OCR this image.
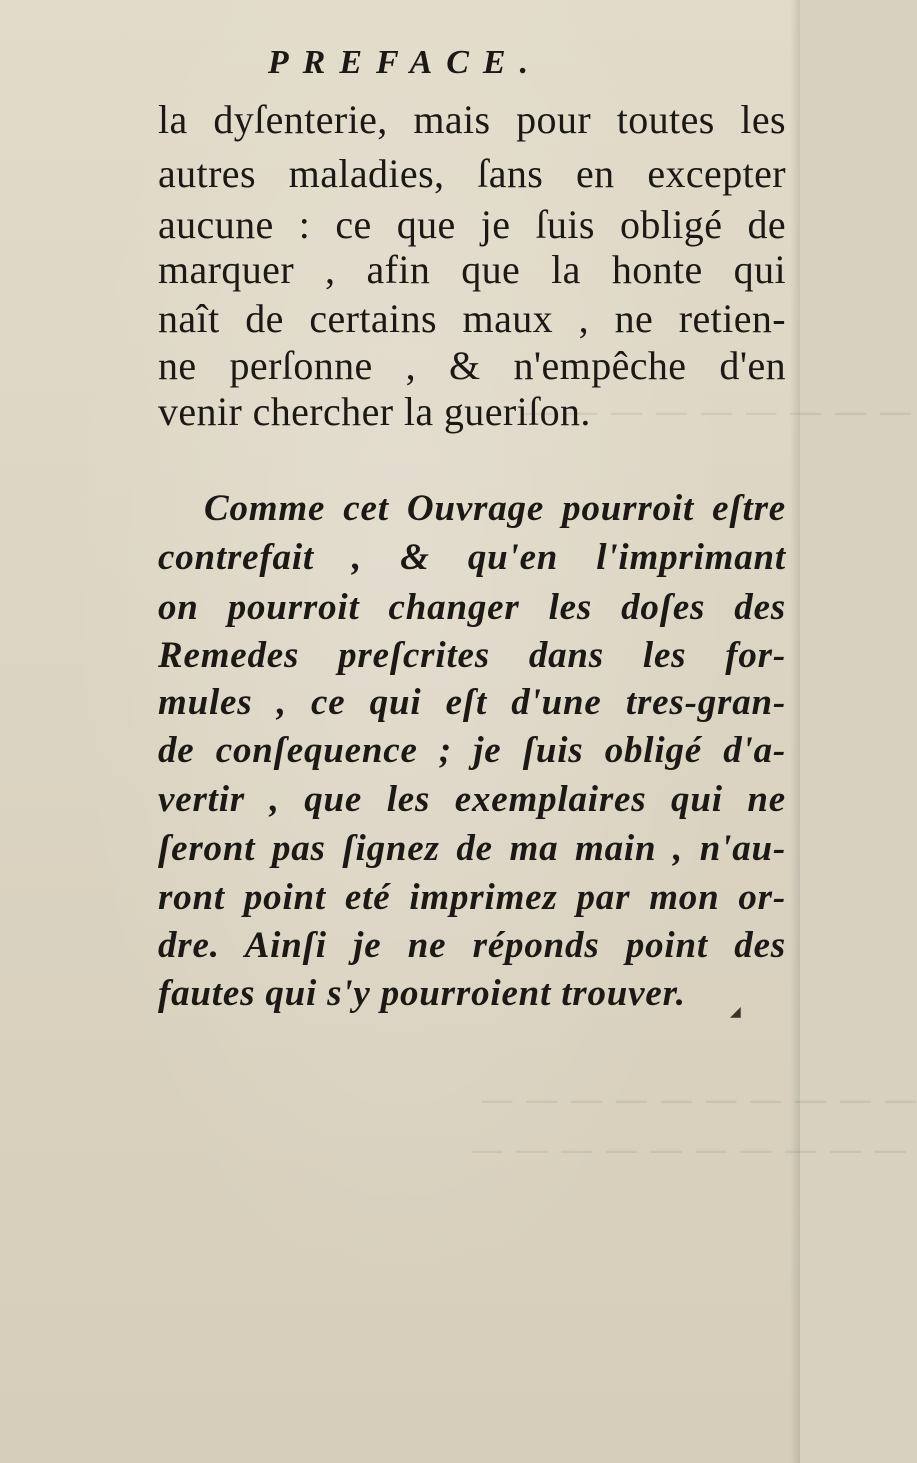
— — — — — — — — —
— — — — — — — — — —
— — — — — — — — — —
PREFACE.
la dyſenterie, mais pour toutes les
autres maladies, ſans en excepter
aucune : ce que je ſuis obligé de
marquer , afin que la honte qui
naît de certains maux , ne retien-
ne perſonne , & n'empêche d'en
venir chercher la gueriſon.
Comme cet Ouvrage pourroit eſtre
contrefait , & qu'en l'imprimant
on pourroit changer les doſes des
Remedes preſcrites dans les for-
mules , ce qui eſt d'une tres-gran-
de conſequence ; je ſuis obligé d'a-
vertir , que les exemplaires qui ne
ſeront pas ſignez de ma main , n'au-
ront point eté imprimez par mon or-
dre. Ainſi je ne réponds point des
fautes qui s'y pourroient trouver.	◢
